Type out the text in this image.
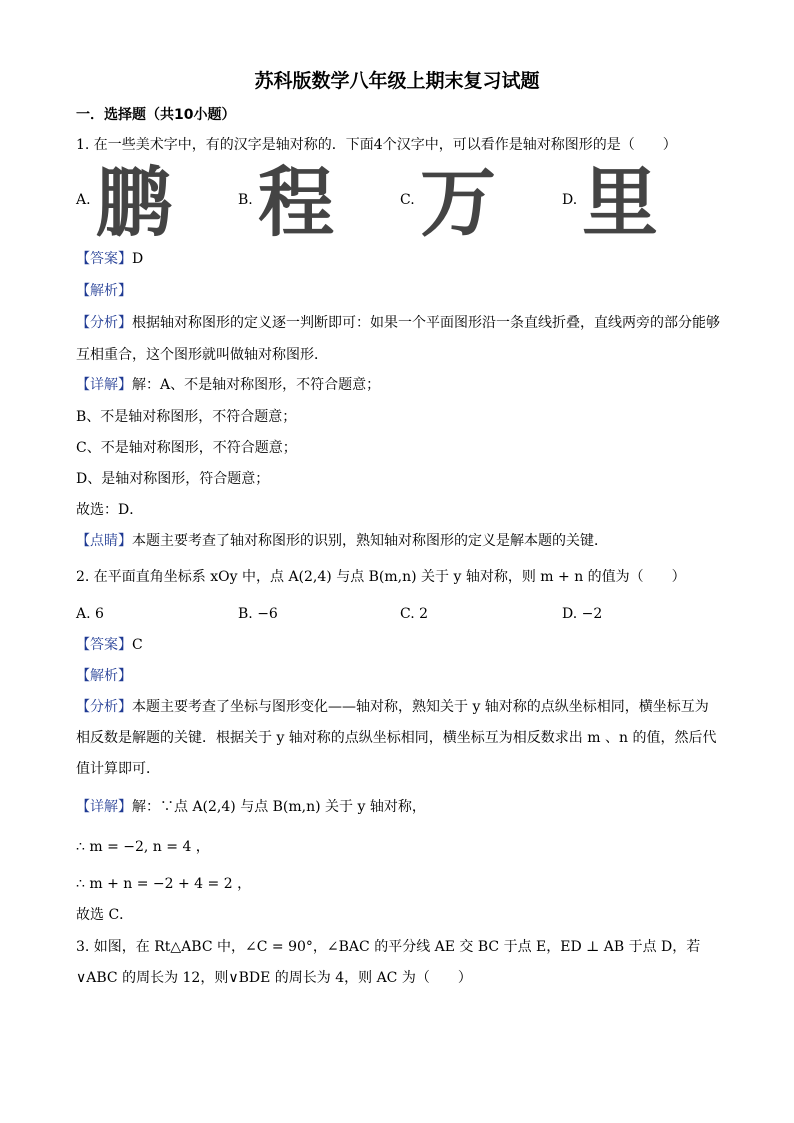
苏科版数学八年级上期末复习试题
一．选择题（共10小题）
1. 在一些美术字中，有的汉字是轴对称的．下面4个汉字中，可以看作是轴对称图形的是（　　）
A. 鹏	B. 程	C. 万	D. 里
【答案】D
【解析】
【分析】根据轴对称图形的定义逐一判断即可：如果一个平面图形沿一条直线折叠，直线两旁的部分能够
互相重合，这个图形就叫做轴对称图形．
【详解】解：A、不是轴对称图形，不符合题意；
B、不是轴对称图形，不符合题意；
C、不是轴对称图形，不符合题意；
D、是轴对称图形，符合题意；
故选：D．
【点睛】本题主要考查了轴对称图形的识别，熟知轴对称图形的定义是解本题的关键．
2. 在平面直角坐标系 xOy 中，点 A(2,4) 与点 B(m,n) 关于 y 轴对称，则 m + n 的值为（　　）
A. 6	B. −6	C. 2	D. −2
【答案】C
【解析】
【分析】本题主要考查了坐标与图形变化——轴对称，熟知关于 y 轴对称的点纵坐标相同，横坐标互为
相反数是解题的关键．根据关于 y 轴对称的点纵坐标相同，横坐标互为相反数求出 m 、n 的值，然后代
值计算即可．
【详解】解：∵点 A(2,4) 与点 B(m,n) 关于 y 轴对称，
∴ m = −2, n = 4 ，
∴ m + n = −2 + 4 = 2 ，
故选 C．
3. 如图，在 Rt△ABC 中，∠C = 90°，∠BAC 的平分线 AE 交 BC 于点 E，ED ⊥ AB 于点 D，若
∨ABC 的周长为 12，则∨BDE 的周长为 4，则 AC 为（　　）
